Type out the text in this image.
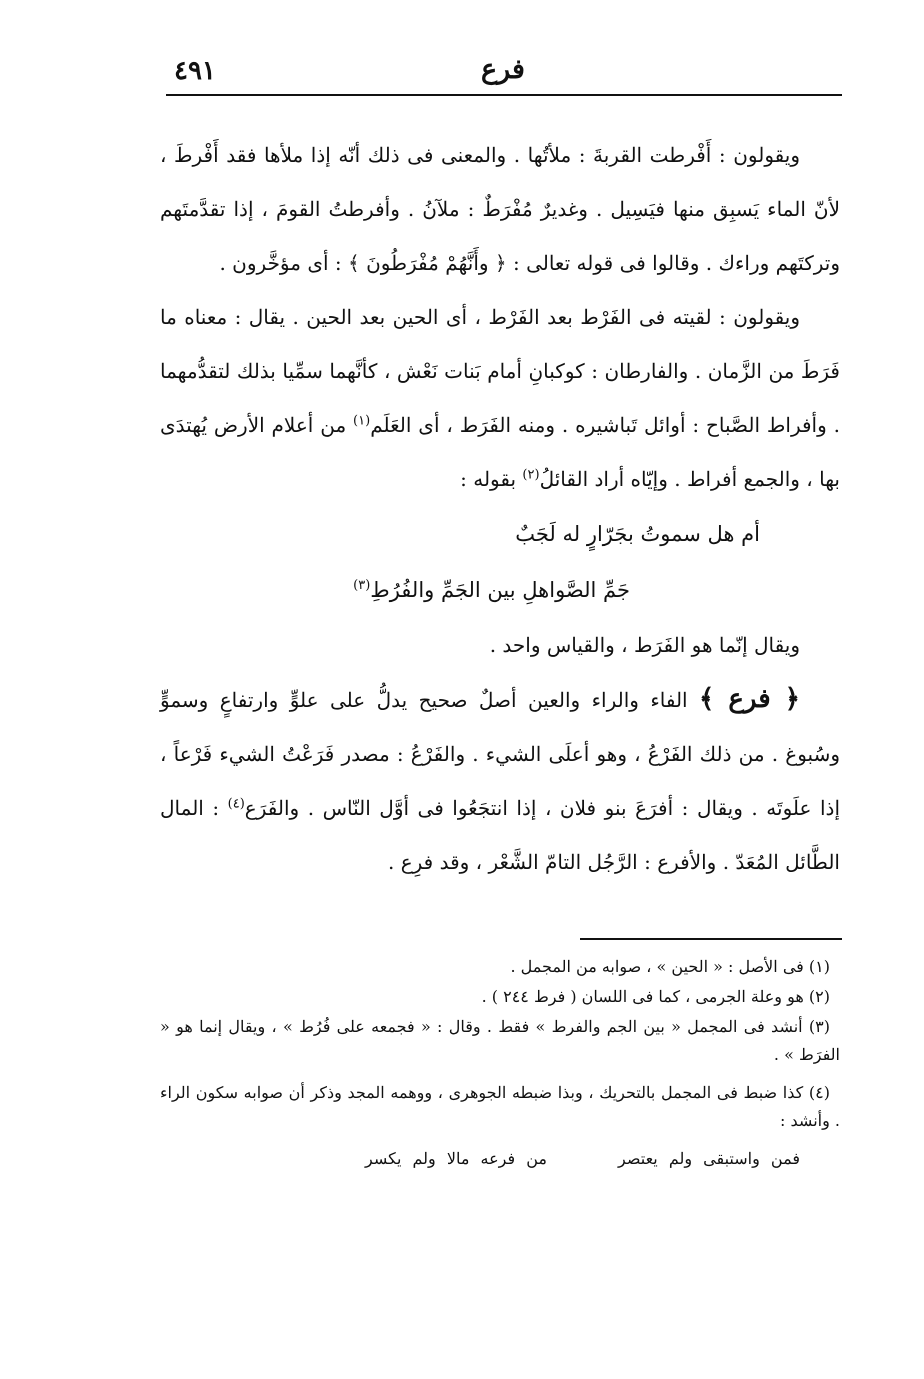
٤٩١	فرع

ويقولون : أَفْرطت القربةَ : ملأتُها . والمعنى فى ذلك أنّه إذا ملأها فقد أَفْرطَ ، لأنّ الماء يَسبِق منها فيَسِيل . وغديرٌ مُفْرَطٌ : ملآنُ . وأفرطتُ القومَ ، إذا تقدَّمتَهم وتركتَهم وراءك . وقالوا فى قوله تعالى : ﴿ وأَنَّهُمْ مُفْرَطُونَ ﴾ : أى مؤخَّرون .

ويقولون : لقيته فى الفَرْط بعد الفَرْط ، أى الحين بعد الحين . يقال : معناه ما فَرَطَ من الزَّمان . والفارطان : كوكبانِ أمام بَنات نَعْش ، كأنَّهما سمِّيا بذلك لتقدُّمهما . وأفراط الصَّباح : أوائل تَباشيره . ومنه الفَرَط ، أى العَلَم$^{(١)}$ من أعلام الأرض يُهتدَى بها ، والجمع أفراط . وإيّاه أراد القائلُ$^{(٢)}$ بقوله :

أم هل سموتُ بجَرّارٍ له لَجَبٌ

جَمِّ الصَّواهلِ بين الجَمِّ والفُرُطِ$^{(٣)}$

ويقال إنّما هو الفَرَط ، والقياس واحد .

﴿ فرع ﴾ الفاء والراء والعين أصلٌ صحيح يدلُّ على علوٍّ وارتفاعٍ وسموٍّ وسُبوغ . من ذلك الفَرْعُ ، وهو أعلَى الشيء . والفَرْعُ : مصدر فَرَعْتُ الشيء فَرْعاً ، إذا علَوتَه . ويقال : أفرَعَ بنو فلان ، إذا انتجَعُوا فى أوَّل النّاس . والفَرَع$^{(٤)}$ : المال الطَّائل المُعَدّ . والأفرع : الرَّجُل التامّ الشَّعْر ، وقد فرِع .

(١) فى الأصل : « الحين » ، صوابه من المجمل .

(٢) هو وعلة الجرمى ، كما فى اللسان ( فرط ٢٤٤ ) .

(٣) أنشد فى المجمل « بين الجم والفرط » فقط . وقال : « فجمعه على فُرُط » ، ويقال إنما هو « الفرَط » .

(٤) كذا ضبط فى المجمل بالتحريك ، وبذا ضبطه الجوهرى ، ووهمه المجد وذكر أن صوابه سكون الراء . وأنشد :

فمن واستبقى ولم يعتصر من فرعه مالا ولم يكسر
